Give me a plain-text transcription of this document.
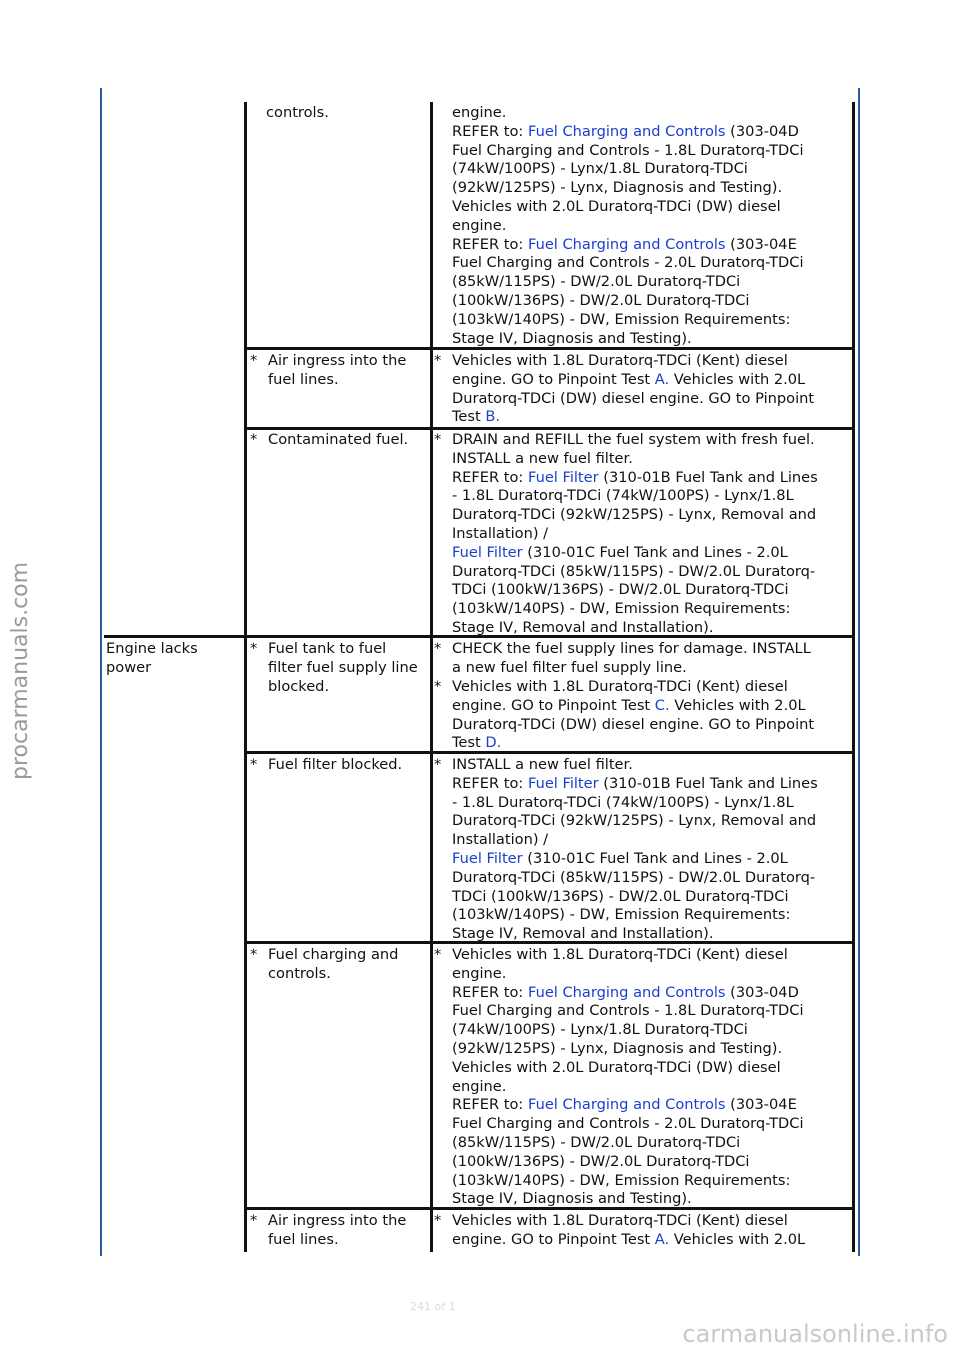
controls.	engine.
REFER to: Fuel Charging and Controls (303-04D
Fuel Charging and Controls - 1.8L Duratorq-TDCi
(74kW/100PS) - Lynx/1.8L Duratorq-TDCi
(92kW/125PS) - Lynx, Diagnosis and Testing).
Vehicles with 2.0L Duratorq-TDCi (DW) diesel
engine.
REFER to: Fuel Charging and Controls (303-04E
Fuel Charging and Controls - 2.0L Duratorq-TDCi
(85kW/115PS) - DW/2.0L Duratorq-TDCi
(100kW/136PS) - DW/2.0L Duratorq-TDCi
(103kW/140PS) - DW, Emission Requirements:
Stage IV, Diagnosis and Testing).
* Air ingress into the
fuel lines.
* Vehicles with 1.8L Duratorq-TDCi (Kent) diesel
engine. GO to Pinpoint Test A. Vehicles with 2.0L
Duratorq-TDCi (DW) diesel engine. GO to Pinpoint
Test B.
* Contaminated fuel. * DRAIN and REFILL the fuel system with fresh fuel.
INSTALL a new fuel filter.
REFER to: Fuel Filter (310-01B Fuel Tank and Lines
- 1.8L Duratorq-TDCi (74kW/100PS) - Lynx/1.8L
Duratorq-TDCi (92kW/125PS) - Lynx, Removal and
Installation) /
Fuel Filter (310-01C Fuel Tank and Lines - 2.0L
Duratorq-TDCi (85kW/115PS) - DW/2.0L Duratorq-
TDCi (100kW/136PS) - DW/2.0L Duratorq-TDCi
(103kW/140PS) - DW, Emission Requirements:
Stage IV, Removal and Installation).
Engine lacks
power
* Fuel tank to fuel
filter fuel supply line
blocked.
* CHECK the fuel supply lines for damage. INSTALL
a new fuel filter fuel supply line.
* Vehicles with 1.8L Duratorq-TDCi (Kent) diesel
engine. GO to Pinpoint Test C. Vehicles with 2.0L
Duratorq-TDCi (DW) diesel engine. GO to Pinpoint
Test D.
* Fuel filter blocked. * INSTALL a new fuel filter.
REFER to: Fuel Filter (310-01B Fuel Tank and Lines
- 1.8L Duratorq-TDCi (74kW/100PS) - Lynx/1.8L
Duratorq-TDCi (92kW/125PS) - Lynx, Removal and
Installation) /
Fuel Filter (310-01C Fuel Tank and Lines - 2.0L
Duratorq-TDCi (85kW/115PS) - DW/2.0L Duratorq-
TDCi (100kW/136PS) - DW/2.0L Duratorq-TDCi
(103kW/140PS) - DW, Emission Requirements:
Stage IV, Removal and Installation).
* Fuel charging and
controls.
* Vehicles with 1.8L Duratorq-TDCi (Kent) diesel
engine.
REFER to: Fuel Charging and Controls (303-04D
Fuel Charging and Controls - 1.8L Duratorq-TDCi
(74kW/100PS) - Lynx/1.8L Duratorq-TDCi
(92kW/125PS) - Lynx, Diagnosis and Testing).
Vehicles with 2.0L Duratorq-TDCi (DW) diesel
engine.
REFER to: Fuel Charging and Controls (303-04E
Fuel Charging and Controls - 2.0L Duratorq-TDCi
(85kW/115PS) - DW/2.0L Duratorq-TDCi
(100kW/136PS) - DW/2.0L Duratorq-TDCi
(103kW/140PS) - DW, Emission Requirements:
Stage IV, Diagnosis and Testing).
* Air ingress into the
fuel lines.
* Vehicles with 1.8L Duratorq-TDCi (Kent) diesel
engine. GO to Pinpoint Test A. Vehicles with 2.0L
procarmanuals.com
241 of 1
carmanualsonline.info
